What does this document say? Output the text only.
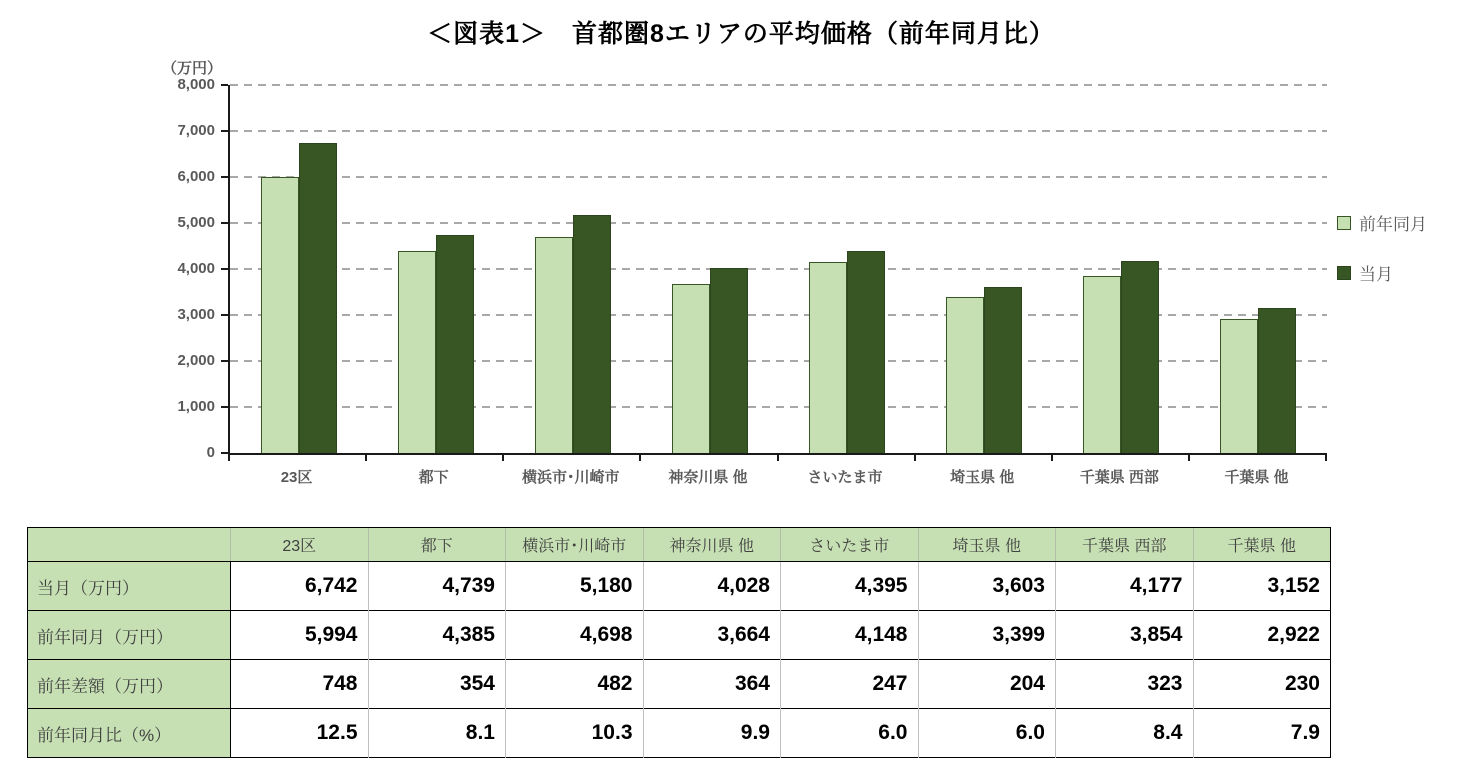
＜図表1＞　首都圏8エリアの平均価格（前年同月比）
（万円）
0
1,000
2,000
3,000
4,000
5,000
6,000
7,000
8,000
23区	都下	横浜市･川崎市	神奈川県 他	さいたま市	埼玉県 他	千葉県 西部	千葉県 他
前年同月
当月
	23区	都下	横浜市･川崎市	神奈川県 他	さいたま市	埼玉県 他	千葉県 西部	千葉県 他
当月（万円）	6,742	4,739	5,180	4,028	4,395	3,603	4,177	3,152
前年同月（万円）	5,994	4,385	4,698	3,664	4,148	3,399	3,854	2,922
前年差額（万円）	748	354	482	364	247	204	323	230
前年同月比（%）	12.5	8.1	10.3	9.9	6.0	6.0	8.4	7.9
